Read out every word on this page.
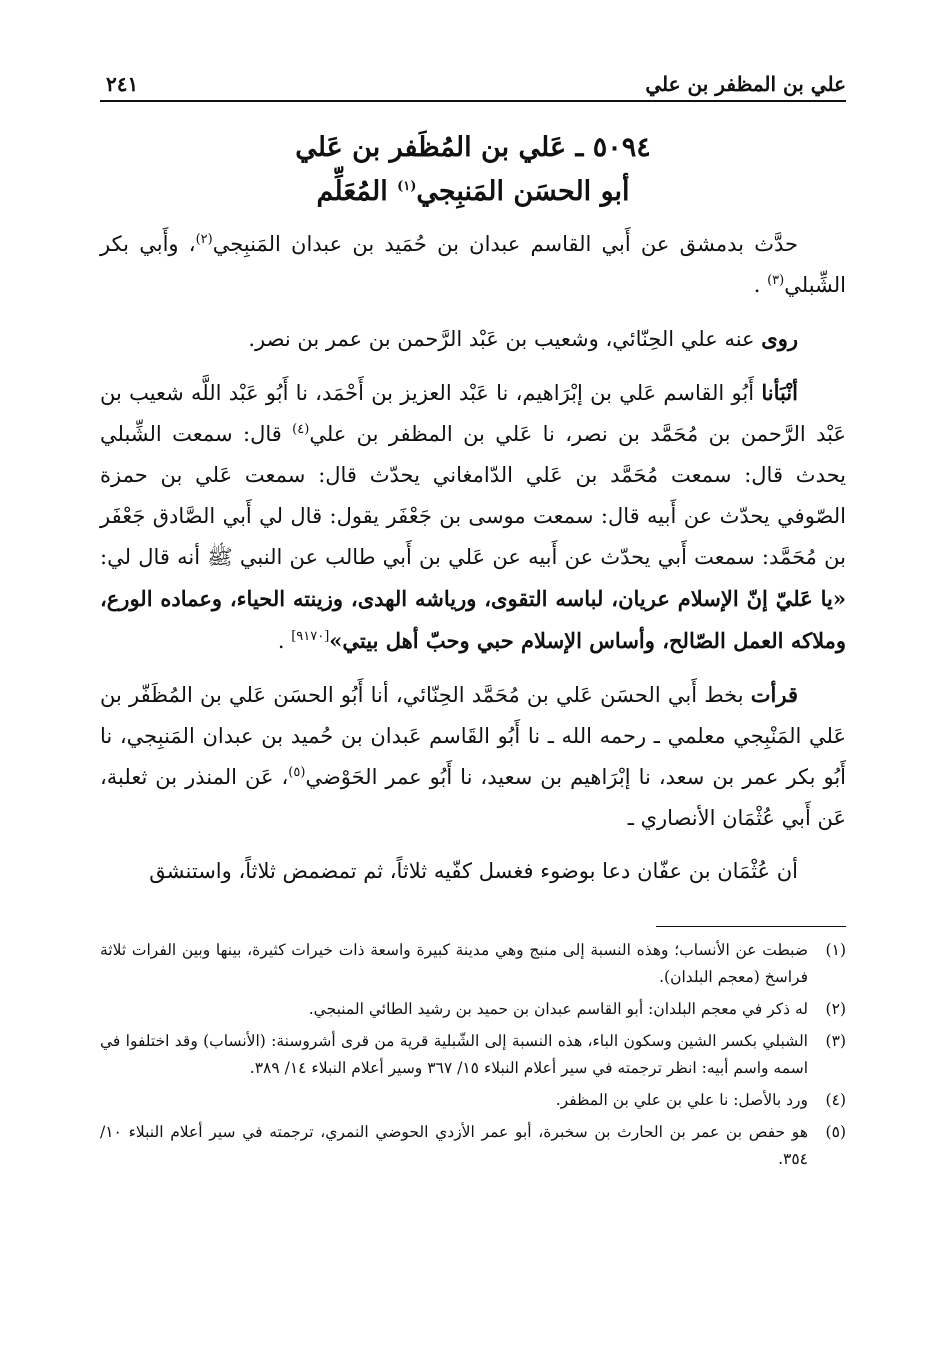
علي بن المظفر بن علي
٢٤١
٥٠٩٤ ـ عَلي بن المُظَفر بن عَلي
أبو الحسَن المَنبِجي$^{(١)}$ المُعَلِّم

حدَّث بدمشق عن أَبي القاسم عبدان بن حُمَيد بن عبدان المَنبِجي$^{(٢)}$، وأَبي بكر الشِّبلي$^{(٣)}$ .

روى عنه علي الحِنّائي، وشعيب بن عَبْد الرَّحمن بن عمر بن نصر.

أنْبَأنا أَبُو القاسم عَلي بن إبْرَاهيم، نا عَبْد العزيز بن أَحْمَد، نا أَبُو عَبْد اللَّه شعيب بن عَبْد الرَّحمن بن مُحَمَّد بن نصر، نا عَلي بن المظفر بن علي$^{(٤)}$ قال: سمعت الشِّبلي يحدث قال: سمعت مُحَمَّد بن عَلي الدّامغاني يحدّث قال: سمعت عَلي بن حمزة الصّوفي يحدّث عن أَبيه قال: سمعت موسى بن جَعْفَر يقول: قال لي أَبي الصَّادق جَعْفَر بن مُحَمَّد: سمعت أَبي يحدّث عن أَبيه عن عَلي بن أَبي طالب عن النبي ﷺ أنه قال لي: «يا عَليّ إنّ الإسلام عريان، لباسه التقوى، ورياشه الهدى، وزينته الحياء، وعماده الورع، وملاكه العمل الصّالح، وأساس الإسلام حبي وحبّ أهل بيتي»[٩١٧٠] .

قرأت بخط أَبي الحسَن عَلي بن مُحَمَّد الحِنّائي، أنا أَبُو الحسَن عَلي بن المُظَفّر بن عَلي المَنْبِجي معلمي ـ رحمه الله ـ نا أَبُو القَاسم عَبدان بن حُميد بن عبدان المَنبِجي، نا أَبُو بكر عمر بن سعد، نا إبْرَاهيم بن سعيد، نا أَبُو عمر الحَوْضي$^{(٥)}$، عَن المنذر بن ثعلبة، عَن أَبي عُثْمَان الأنصاري ـ

أن عُثْمَان بن عفّان دعا بوضوء فغسل كفّيه ثلاثاً، ثم تمضمض ثلاثاً، واستنشق

(١)
ضبطت عن الأنساب؛ وهذه النسبة إلى منبج وهي مدينة كبيرة واسعة ذات خيرات كثيرة، بينها وبين الفرات ثلاثة فراسخ (معجم البلدان).
(٢)
له ذكر في معجم البلدان: أبو القاسم عبدان بن حميد بن رشيد الطائي المنبجي.
(٣)
الشبلي بكسر الشين وسكون الباء، هذه النسبة إلى الشّبلية قرية من قرى أشروسنة: (الأنساب) وقد اختلفوا في اسمه واسم أبيه: انظر ترجمته في سير أعلام النبلاء ١٥/ ٣٦٧ وسير أعلام النبلاء ١٤/ ٣٨٩.
(٤)
ورد بالأصل: نا علي بن علي بن المظفر.
(٥)
هو حفص بن عمر بن الحارث بن سخبرة، أبو عمر الأزدي الحوضي النمري، ترجمته في سير أعلام النبلاء ١٠/ ٣٥٤.
